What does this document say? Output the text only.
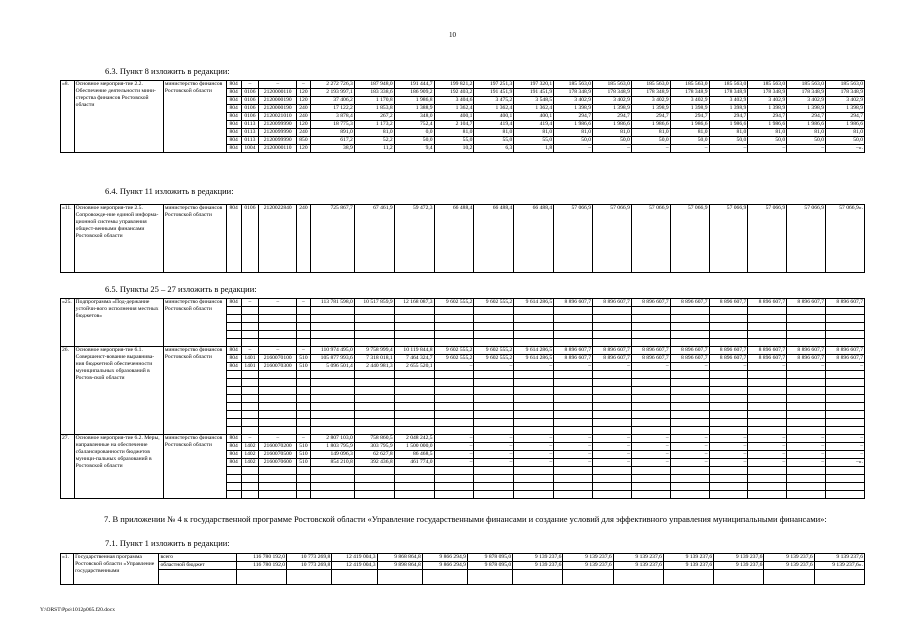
10
6.3. Пункт 8 изложить в редакции:
«8.	Основное мероприя-тие 2.2. Обеспечение деятельности мини-стерства финансов Ростовской области	министерство финансов Ростовской области	804	–	–	–	2 272 726,3	187 948,0	191 444,7	199 821,2	197 251,3	197 320,1	185 563,0	185 563,0	185 563,0	185 563,0	185 563,0	185 563,0	185 563,0	185 563,0
			804	0106	2120000110	120	2 193 997,1	183 338,6	186 909,2	192 403,2	191 451,9	191 451,9	178 348,9	178 348,9	178 348,9	178 348,9	178 348,9	178 348,9	178 348,9	178 348,9
			804	0106	2120000190	120	37 406,2	1 170,8	1 986,8	3 404,6	3 475,2	3 548,5	3 402,9	3 402,9	3 402,9	3 402,9	3 402,9	3 402,9	3 402,9	3 402,9
			804	0106	2120000190	240	17 122,2	1 853,8	1 388,9	1 362,4	1 362,4	1 362,4	1 398,9	1 398,9	1 398,9	1 398,9	1 398,9	1 398,9	1 398,9	1 398,9
			804	0106	2120021010	240	3 878,4	267,2	348,0	400,1	400,1	400,1	294,7	294,7	294,7	294,7	294,7	294,7	294,7	294,7
			804	0113	2120099990	120	18 775,3	1 173,2	752,4	2 104,7	419,4	419,4	1 986,6	1 986,6	1 986,6	1 986,6	1 986,6	1 986,6	1 986,6	1 986,6
			804	0113	2120099990	240	891,0	81,0	0,0	81,0	81,0	81,0	81,0	81,0	81,0	81,0	81,0	81,0	81,0	81,0
			804	0113	2120099990	850	617,2	52,2	50,0	55,0	55,0	55,0	50,0	50,0	50,0	50,0	50,0	50,0	50,0	50,0
			804	1004	2120000110	120	38,9	11,2	9,4	10,2	6,3	1,8	–	–	–	–	–	–	–	–».
6.4. Пункт 11 изложить в редакции:
«11.	Основное мероприя-тие 2.5. Сопровожде-ние единой информа-ционной системы управления общест-венными финансами Ростовской области	министерство финансов Ростовской области	804	0106	2120022840	240	725 867,7	67 461,9	59 472,3	66 488,4	66 488,4	66 488,4	57 066,9	57 066,9	57 066,9	57 066,9	57 066,9	57 066,9	57 066,9	57 066,9».
6.5. Пункты 25 – 27 изложить в редакции:
«25.	Подпрограмма «Под-держание устойчи-вого исполнения местных бюджетов»	министерство финансов Ростовской области	804	–	–	–	113 781 598,0	10 517 859,9	12 168 087,3	9 602 555,2	9 602 555,2	9 614 286,5	8 896 607,7	8 896 607,7	8 896 607,7	8 896 607,7	8 896 607,7	8 896 607,7	8 896 607,7	8 896 607,7

26.	Основное мероприя-тие 6.1. Совершенст-вование выравнива-ния бюджетной обеспеченности муниципальных образований в Ростов-ской области	министерство финансов Ростовской области	804	–	–	–	110 974 495,0	9 758 999,4	10 119 844,8	9 602 555,2	9 602 555,2	9 614 286,5	8 896 607,7	8 896 607,7	8 896 607,7	8 896 607,7	8 896 607,7	8 896 607,7	8 896 607,7	8 896 607,7
			804	1401	2160070100	510	105 877 993,6	7 318 018,1	7 464 324,7	9 602 555,2	9 602 555,2	9 614 286,5	8 896 607,7	8 896 607,7	8 896 607,7	8 896 607,7	8 896 607,7	8 896 607,7	8 896 607,7	8 896 607,7
			804	1401	2160070300	510	5 096 501,4	2 440 981,3	2 655 520,1	–	–	–	–	–	–	–	–	–	–	–

27.	Основное мероприя-тие 6.2. Меры, направленные на обеспечение сбалансированности бюджетов муници-пальных образований в Ростовской области	министерство финансов Ростовской области	804	–	–	–	2 807 103,0	758 860,5	2 048 242,5	–	–	–	–	–	–	–	–	–	–	–
			804	1402	2160070200	510	1 803 795,9	303 795,9	1 500 000,0	–	–	–	–	–	–	–	–	–	–	–
			804	1402	2160070500	510	149 096,3	62 627,8	86 468,5	–	–	–	–	–	–	–	–	–	–	–
			804	1402	2160070600	510	854 210,8	392 436,8	461 774,0	–	–	–	–	–	–	–	–	–	–	–».

7. В приложении № 4 к государственной программе Ростовской области «Управление государственными финансами и создание условий для эффективного управления муниципальными финансами»:
7.1. Пункт 1 изложить в редакции:
«1.	Государственная программа Ростовской области «Управление государственными	всего	116 780 192,0	10 773 269,8	12 419 004,3	9 868 864,8	9 866 294,9	9 878 095,0	9 139 237,6	9 139 237,6	9 139 237,6	9 139 237,6	9 139 237,6	9 139 237,6	9 139 237,6
		областной бюджет	116 780 192,0	10 773 269,8	12 419 004,3	9 898 864,8	9 866 294,9	9 878 095,0	9 139 237,6	9 139 237,6	9 139 237,6	9 139 237,6	9 139 237,6	9 139 237,6	9 139 237,6».

Y:\ORST\Ppo\1012p065.f20.docx
